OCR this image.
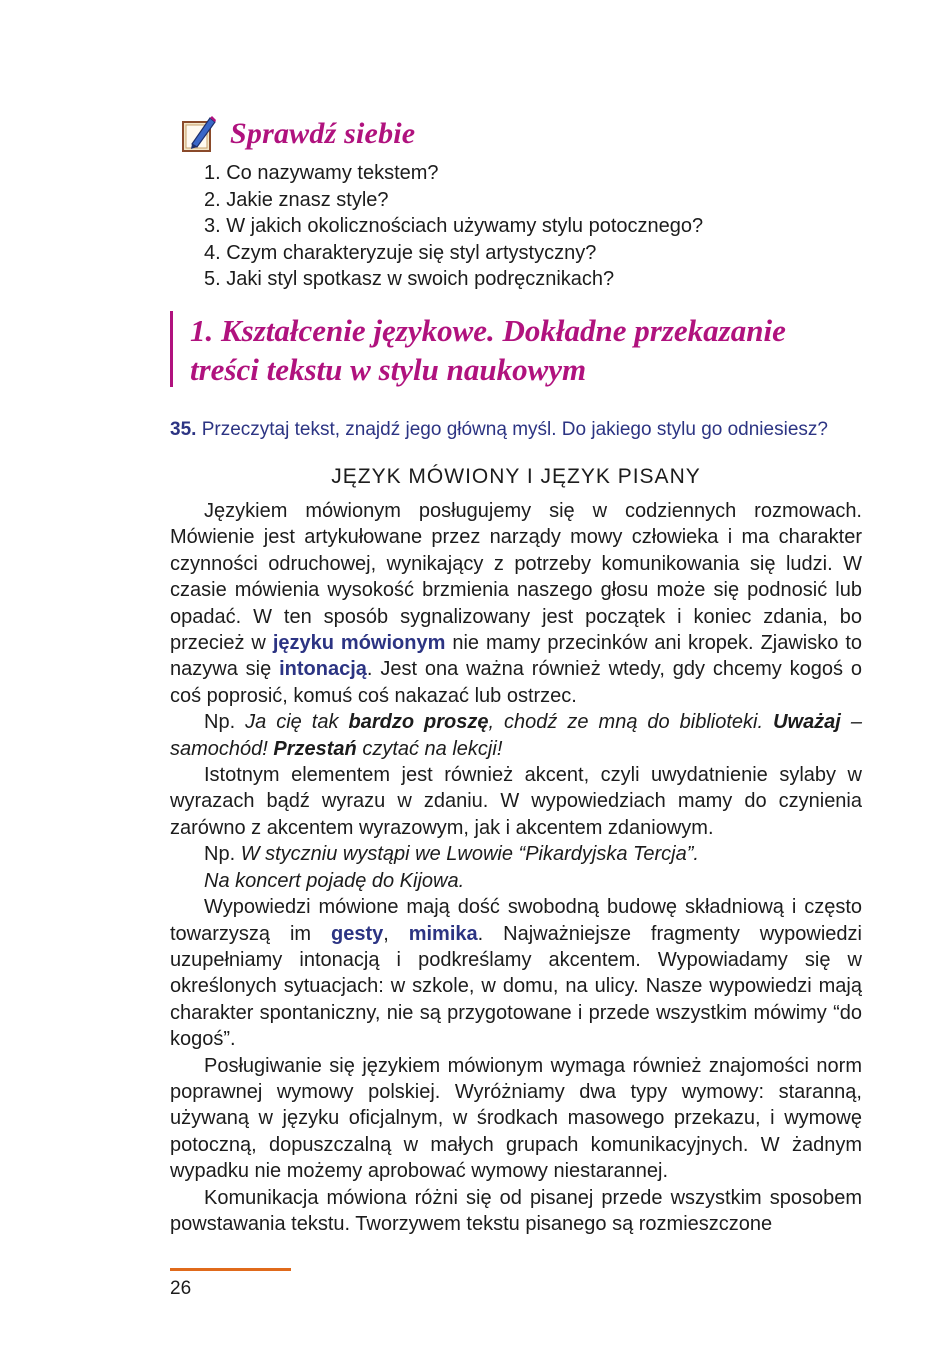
Sprawdź siebie
1. Co nazywamy tekstem?
2. Jakie znasz style?
3. W jakich okolicznościach używamy stylu potocznego?
4. Czym charakteryzuje się styl artystyczny?
5. Jaki styl spotkasz w swoich podręcznikach?
1. Kształcenie językowe. Dokładne przekazanie
treści tekstu w stylu naukowym
35. Przeczytaj tekst, znajdź jego główną myśl. Do jakiego stylu go odniesiesz?
JĘZYK MÓWIONY I JĘZYK PISANY

Językiem mówionym posługujemy się w codziennych rozmowach. Mówienie jest artykułowane przez narządy mowy człowieka i ma charakter czynności odruchowej, wynikający z potrzeby komunikowania się ludzi. W czasie mówienia wysokość brzmienia naszego głosu może się podnosić lub opadać. W ten sposób sygnalizowany jest początek i koniec zdania, bo przecież w języku mówionym nie mamy przecinków ani kropek. Zjawisko to nazywa się intonacją. Jest ona ważna również wtedy, gdy chcemy kogoś o coś poprosić, komuś coś nakazać lub ostrzec.

Np. Ja cię tak bardzo proszę, chodź ze mną do biblioteki. Uważaj – samochód! Przestań czytać na lekcji!

Istotnym elementem jest również akcent, czyli uwydatnienie sylaby w wyrazach bądź wyrazu w zdaniu. W wypowiedziach mamy do czynienia zarówno z akcentem wyrazowym, jak i akcentem zdaniowym.

Np. W styczniu wystąpi we Lwowie “Pikardyjska Tercja”.

Na koncert pojadę do Kijowa.

Wypowiedzi mówione mają dość swobodną budowę składniową i często towarzyszą im gesty, mimika. Najważniejsze fragmenty wypowiedzi uzupełniamy intonacją i podkreślamy akcentem. Wypowiadamy się w określonych sytuacjach: w szkole, w domu, na ulicy. Nasze wypowiedzi mają charakter spontaniczny, nie są przygotowane i przede wszystkim mówimy “do kogoś”.

Posługiwanie się językiem mówionym wymaga również znajomości norm poprawnej wymowy polskiej. Wyróżniamy dwa typy wymowy: staranną, używaną w języku oficjalnym, w środkach masowego przekazu, i wymowę potoczną, dopuszczalną w małych grupach komunikacyjnych. W żadnym wypadku nie możemy aprobować wymowy niestarannej.

Komunikacja mówiona różni się od pisanej przede wszystkim sposobem powstawania tekstu. Tworzywem tekstu pisanego są rozmieszczone

26
